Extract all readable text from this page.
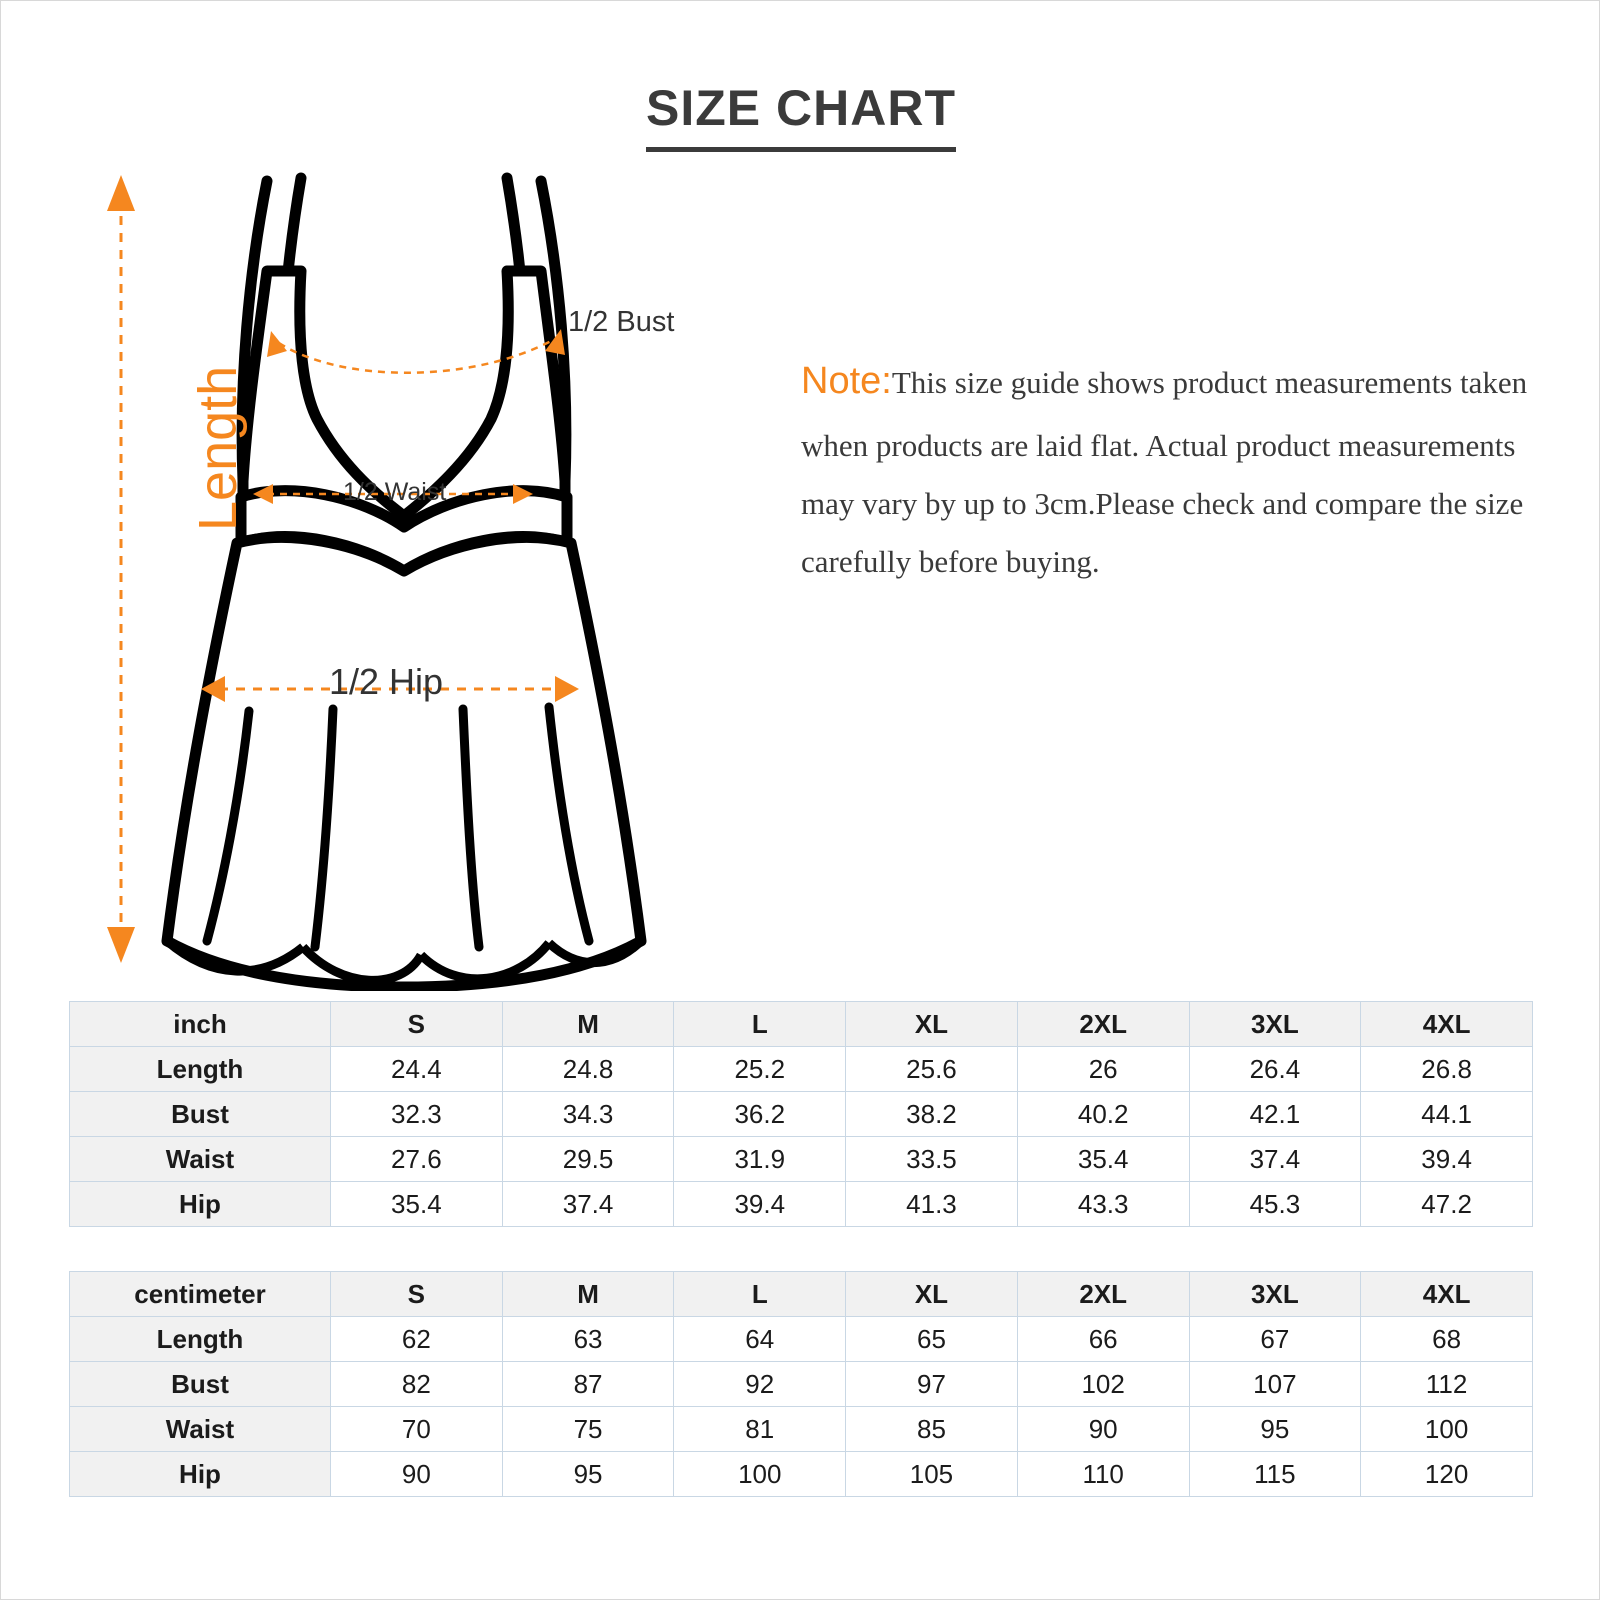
SIZE CHART
Length
1/2 Bust
1/2 Waist
1/2 Hip
Note:This size guide shows product measurements taken when products are laid flat. Actual product measurements may vary by up to 3cm.Please check and compare the size carefully before buying.
inch	S	M	L	XL	2XL	3XL	4XL
Length	24.4	24.8	25.2	25.6	26	26.4	26.8
Bust	32.3	34.3	36.2	38.2	40.2	42.1	44.1
Waist	27.6	29.5	31.9	33.5	35.4	37.4	39.4
Hip	35.4	37.4	39.4	41.3	43.3	45.3	47.2
centimeter	S	M	L	XL	2XL	3XL	4XL
Length	62	63	64	65	66	67	68
Bust	82	87	92	97	102	107	112
Waist	70	75	81	85	90	95	100
Hip	90	95	100	105	110	115	120
